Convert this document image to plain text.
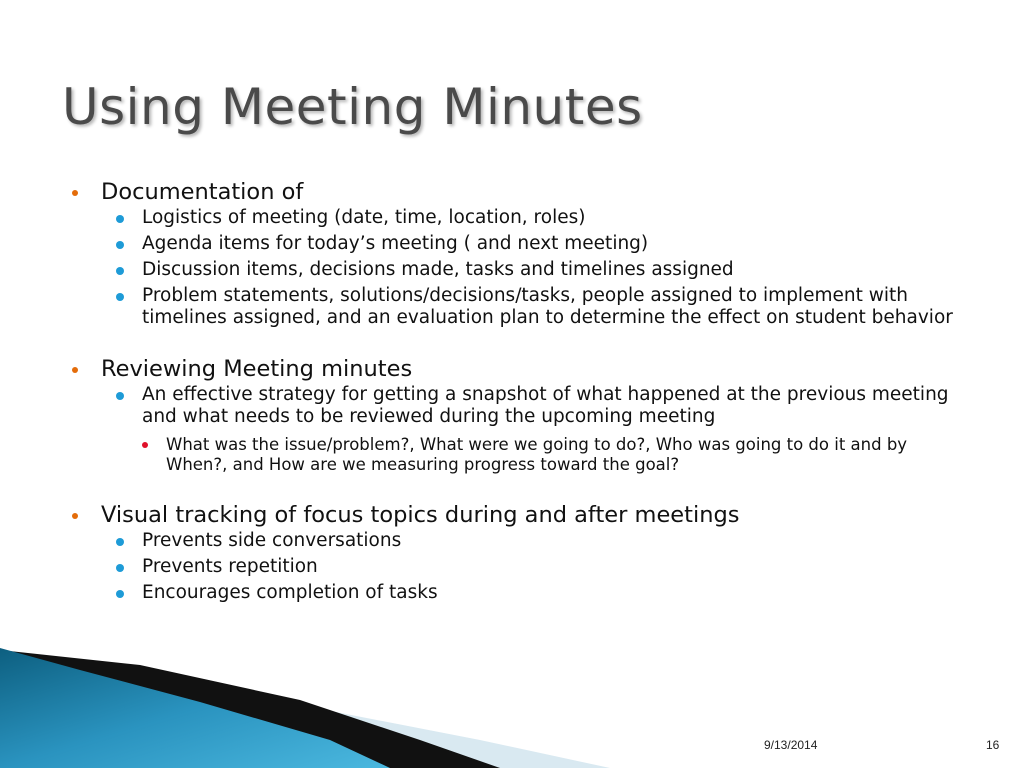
Using Meeting Minutes
Documentation of
Logistics of meeting (date, time, location, roles)
Agenda items for today’s meeting ( and next meeting)
Discussion items, decisions made, tasks and timelines assigned
Problem statements, solutions/decisions/tasks, people assigned to implement with timelines assigned, and an evaluation plan to determine the effect on student behavior
Reviewing Meeting minutes
An effective strategy for getting a snapshot of what happened at the previous meeting and what needs to be reviewed during the upcoming meeting
What was the issue/problem?, What were we going to do?, Who was going to do it and by When?, and How are we measuring progress toward the goal?
Visual tracking of focus topics during and after meetings
Prevents side conversations
Prevents repetition
Encourages completion of tasks
9/13/2014	16
